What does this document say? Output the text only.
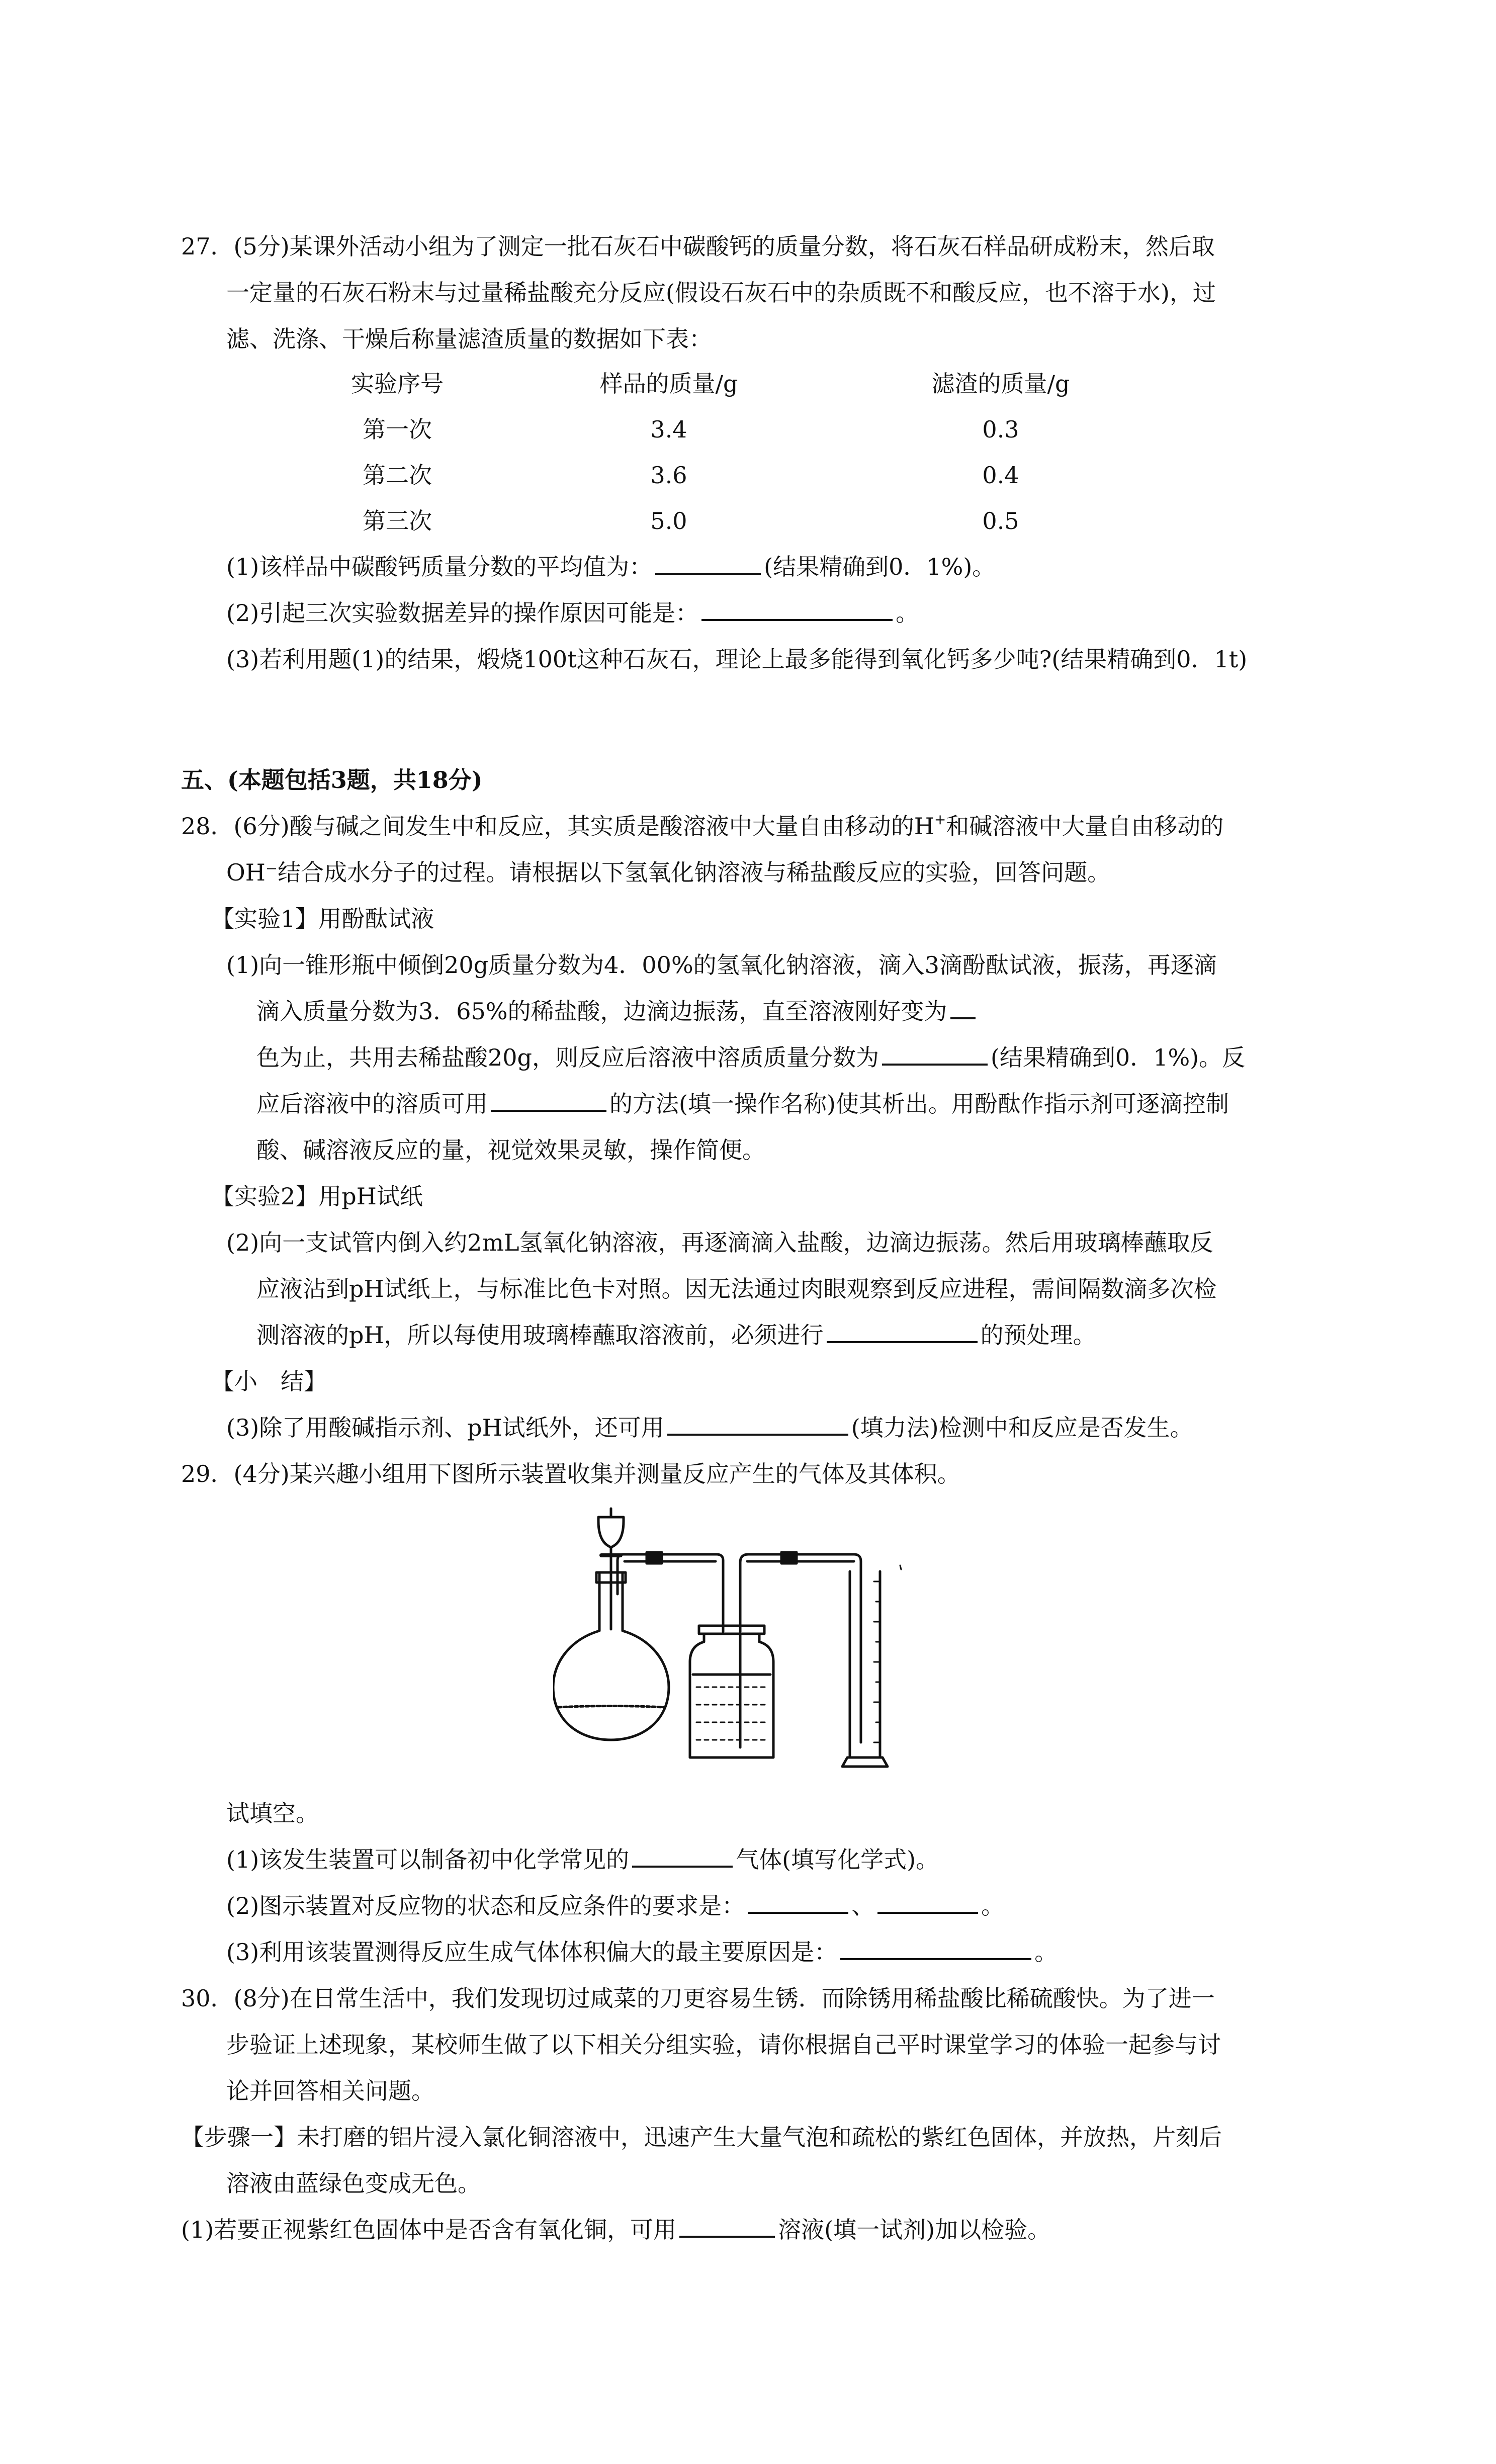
27．(5分)某课外活动小组为了测定一批石灰石中碳酸钙的质量分数，将石灰石样品研成粉末，然后取
一定量的石灰石粉末与过量稀盐酸充分反应(假设石灰石中的杂质既不和酸反应，也不溶于水)，过
滤、洗涤、干燥后称量滤渣质量的数据如下表：
实验序号	样品的质量/g	滤渣的质量/g
第一次	3.4	0.3
第二次	3.6	0.4
第三次	5.0	0.5
(1)该样品中碳酸钙质量分数的平均值为：	(结果精确到0．1%)。
(2)引起三次实验数据差异的操作原因可能是：	。
(3)若利用题(1)的结果，煅烧100t这种石灰石，理论上最多能得到氧化钙多少吨?(结果精确到0．1t)
五、(本题包括3题，共18分)
28．(6分)酸与碱之间发生中和反应，其实质是酸溶液中大量自由移动的H+和碱溶液中大量自由移动的
OH⁻结合成水分子的过程。请根据以下氢氧化钠溶液与稀盐酸反应的实验，回答问题。
【实验1】用酚酞试液
(1)向一锥形瓶中倾倒20g质量分数为4．00%的氢氧化钠溶液，滴入3滴酚酞试液，振荡，再逐滴
滴入质量分数为3．65%的稀盐酸，边滴边振荡，直至溶液刚好变为
色为止，共用去稀盐酸20g，则反应后溶液中溶质质量分数为	(结果精确到0．1%)。反
应后溶液中的溶质可用	的方法(填一操作名称)使其析出。用酚酞作指示剂可逐滴控制
酸、碱溶液反应的量，视觉效果灵敏，操作简便。
【实验2】用pH试纸
(2)向一支试管内倒入约2mL氢氧化钠溶液，再逐滴滴入盐酸，边滴边振荡。然后用玻璃棒蘸取反
应液沾到pH试纸上，与标准比色卡对照。因无法通过肉眼观察到反应进程，需间隔数滴多次检
测溶液的pH，所以每使用玻璃棒蘸取溶液前，必须进行	的预处理。
【小　结】
(3)除了用酸碱指示剂、pH试纸外，还可用	(填力法)检测中和反应是否发生。
29．(4分)某兴趣小组用下图所示装置收集并测量反应产生的气体及其体积。
试填空。
(1)该发生装置可以制备初中化学常见的	气体(填写化学式)。
(2)图示装置对反应物的状态和反应条件的要求是：	、	。
(3)利用该装置测得反应生成气体体积偏大的最主要原因是：	。
30．(8分)在日常生活中，我们发现切过咸菜的刀更容易生锈．而除锈用稀盐酸比稀硫酸快。为了进一
步验证上述现象，某校师生做了以下相关分组实验，请你根据自己平时课堂学习的体验一起参与讨
论并回答相关问题。
【步骤一】未打磨的铝片浸入氯化铜溶液中，迅速产生大量气泡和疏松的紫红色固体，并放热，片刻后
溶液由蓝绿色变成无色。
(1)若要正视紫红色固体中是否含有氧化铜，可用	溶液(填一试剂)加以检验。
